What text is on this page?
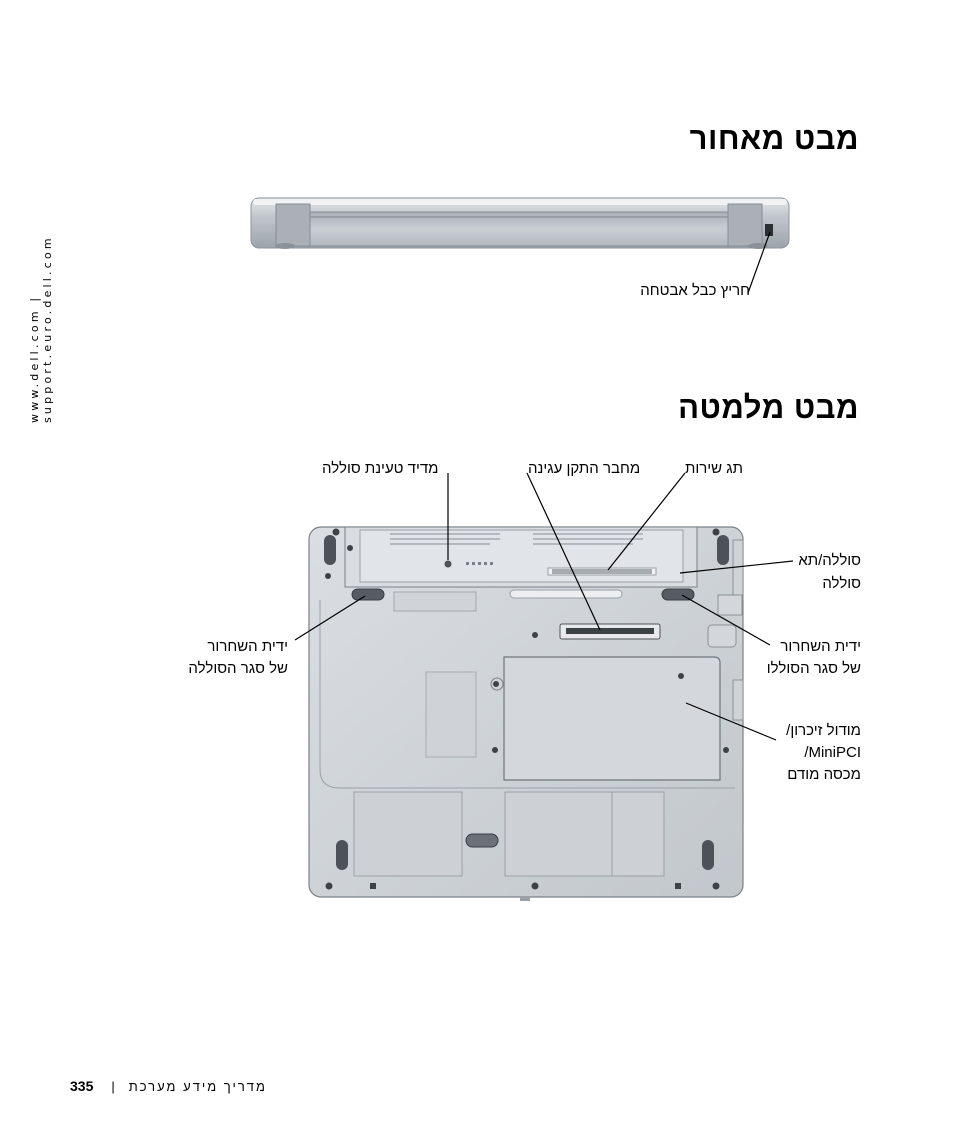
www.dell.com | support.euro.dell.com
מבט מאחור
חריץ כבל אבטחה
מבט מלמטה
מדיד טעינת סוללה	מחבר התקן עגינה	תג שירות
סוללה/תא
סוללה
ידית השחרור
של סגר הסוללה
ידית השחרור
של סגר הסוללו
מודול זיכרון/
/MiniPCI
מכסה מודם
335 | מדריך מידע מערכת
